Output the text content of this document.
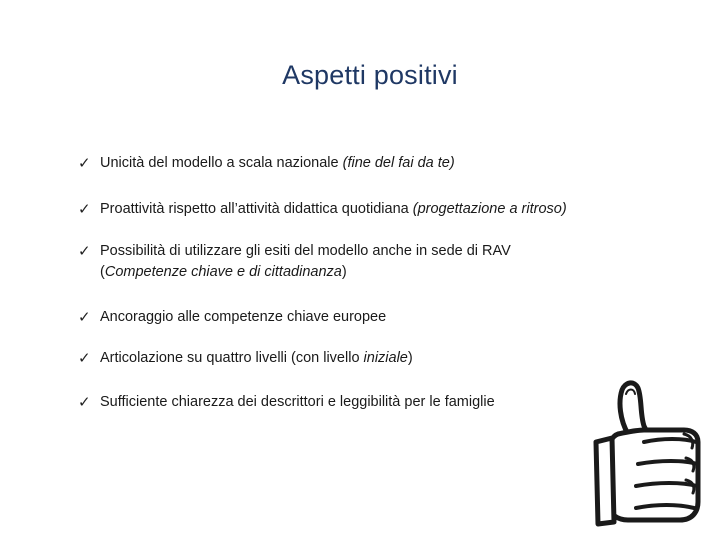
Aspetti positivi
✓ Unicità del modello a scala nazionale (fine del fai da te)
✓ Proattività rispetto all’attività didattica quotidiana (progettazione a ritroso)
✓ Possibilità di utilizzare gli esiti del modello anche in sede di RAV
(Competenze chiave e di cittadinanza)
✓ Ancoraggio alle competenze chiave europee
✓ Articolazione su quattro livelli (con livello iniziale)
✓ Sufficiente chiarezza dei descrittori e leggibilità per le famiglie
